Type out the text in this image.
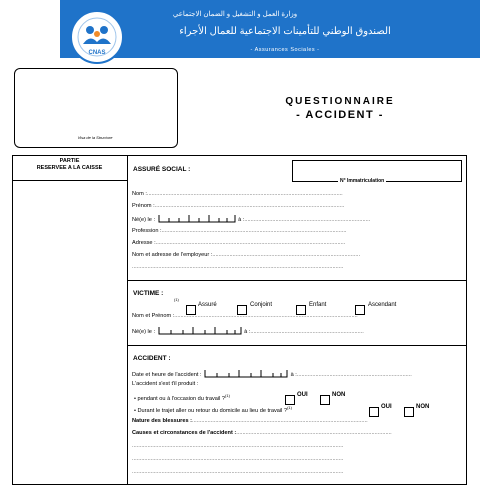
وزارة العمل و التشغيل و الضمان الاجتماعي
الصندوق الوطني للتأمينات الاجتماعية للعمال الأجراء
- Assurances Sociales -
CNAS
Visa de la Structure
QUESTIONNAIRE
- ACCIDENT -
PARTIE
RESERVEE A LA CAISSE	ASSURÉ SOCIAL :
N° Immatriculation
Nom :..............................................................................................................................
Prénom :..........................................................................................................................
Né(e) le :	à :.................................................................................
Profession :.......................................................................................................................
Adresse :..........................................................................................................................
Nom et adresse de l'employeur :...............................................................................................
........................................................................................................................................
VICTIME :
(1)
Assuré	Conjoint	Enfant	Ascendant
Nom et Prénom :......................................................................................................................
Né(e) le :	à :.........................................................................
ACCIDENT :
Date et heure de l'accident :	à :..........................................................................
L'accident s'est t'il produit :
• pendant ou à l'occasion du travail ?$^{(1)}$	OUI	NON
• Durant le trajet aller ou retour du domicile au lieu de travail ?$^{(1)}$	OUI	NON
Nature des blessures :.................................................................................................................
Causes et circonstances de l'accident :....................................................................................................
........................................................................................................................................
........................................................................................................................................
........................................................................................................................................
